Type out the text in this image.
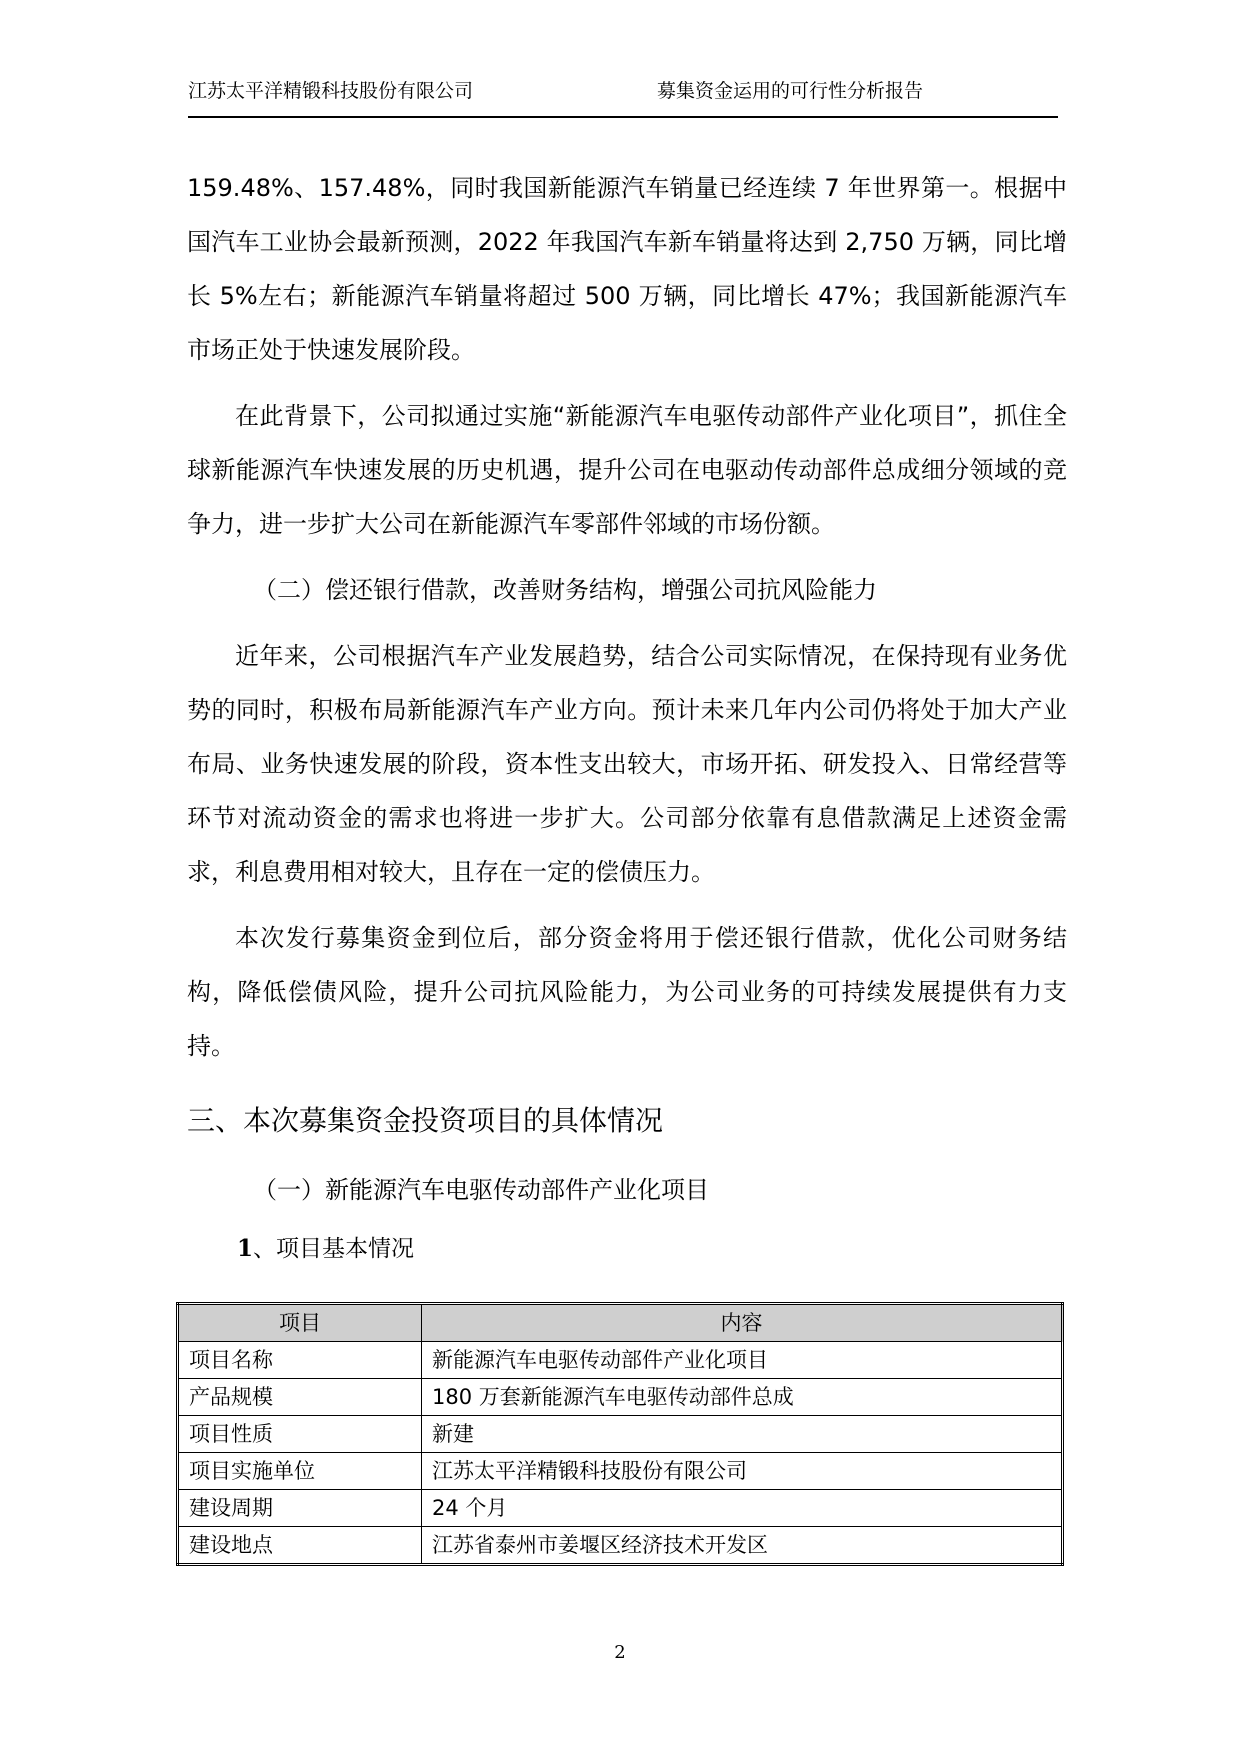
江苏太平洋精锻科技股份有限公司	募集资金运用的可行性分析报告

159.48%、157.48%，同时我国新能源汽车销量已经连续 7 年世界第一。根据中国汽车工业协会最新预测，2022 年我国汽车新车销量将达到 2,750 万辆，同比增长 5%左右；新能源汽车销量将超过 500 万辆，同比增长 47%；我国新能源汽车市场正处于快速发展阶段。

在此背景下，公司拟通过实施“新能源汽车电驱传动部件产业化项目”，抓住全球新能源汽车快速发展的历史机遇，提升公司在电驱动传动部件总成细分领域的竞争力，进一步扩大公司在新能源汽车零部件邻域的市场份额。

（二）偿还银行借款，改善财务结构，增强公司抗风险能力

近年来，公司根据汽车产业发展趋势，结合公司实际情况，在保持现有业务优势的同时，积极布局新能源汽车产业方向。预计未来几年内公司仍将处于加大产业布局、业务快速发展的阶段，资本性支出较大，市场开拓、研发投入、日常经营等环节对流动资金的需求也将进一步扩大。公司部分依靠有息借款满足上述资金需求，利息费用相对较大，且存在一定的偿债压力。

本次发行募集资金到位后，部分资金将用于偿还银行借款，优化公司财务结构，降低偿债风险，提升公司抗风险能力，为公司业务的可持续发展提供有力支持。

三、本次募集资金投资项目的具体情况

（一）新能源汽车电驱传动部件产业化项目

1、项目基本情况

项目	内容
项目名称	新能源汽车电驱传动部件产业化项目
产品规模	180 万套新能源汽车电驱传动部件总成
项目性质	新建
项目实施单位	江苏太平洋精锻科技股份有限公司
建设周期	24 个月
建设地点	江苏省泰州市姜堰区经济技术开发区
2
